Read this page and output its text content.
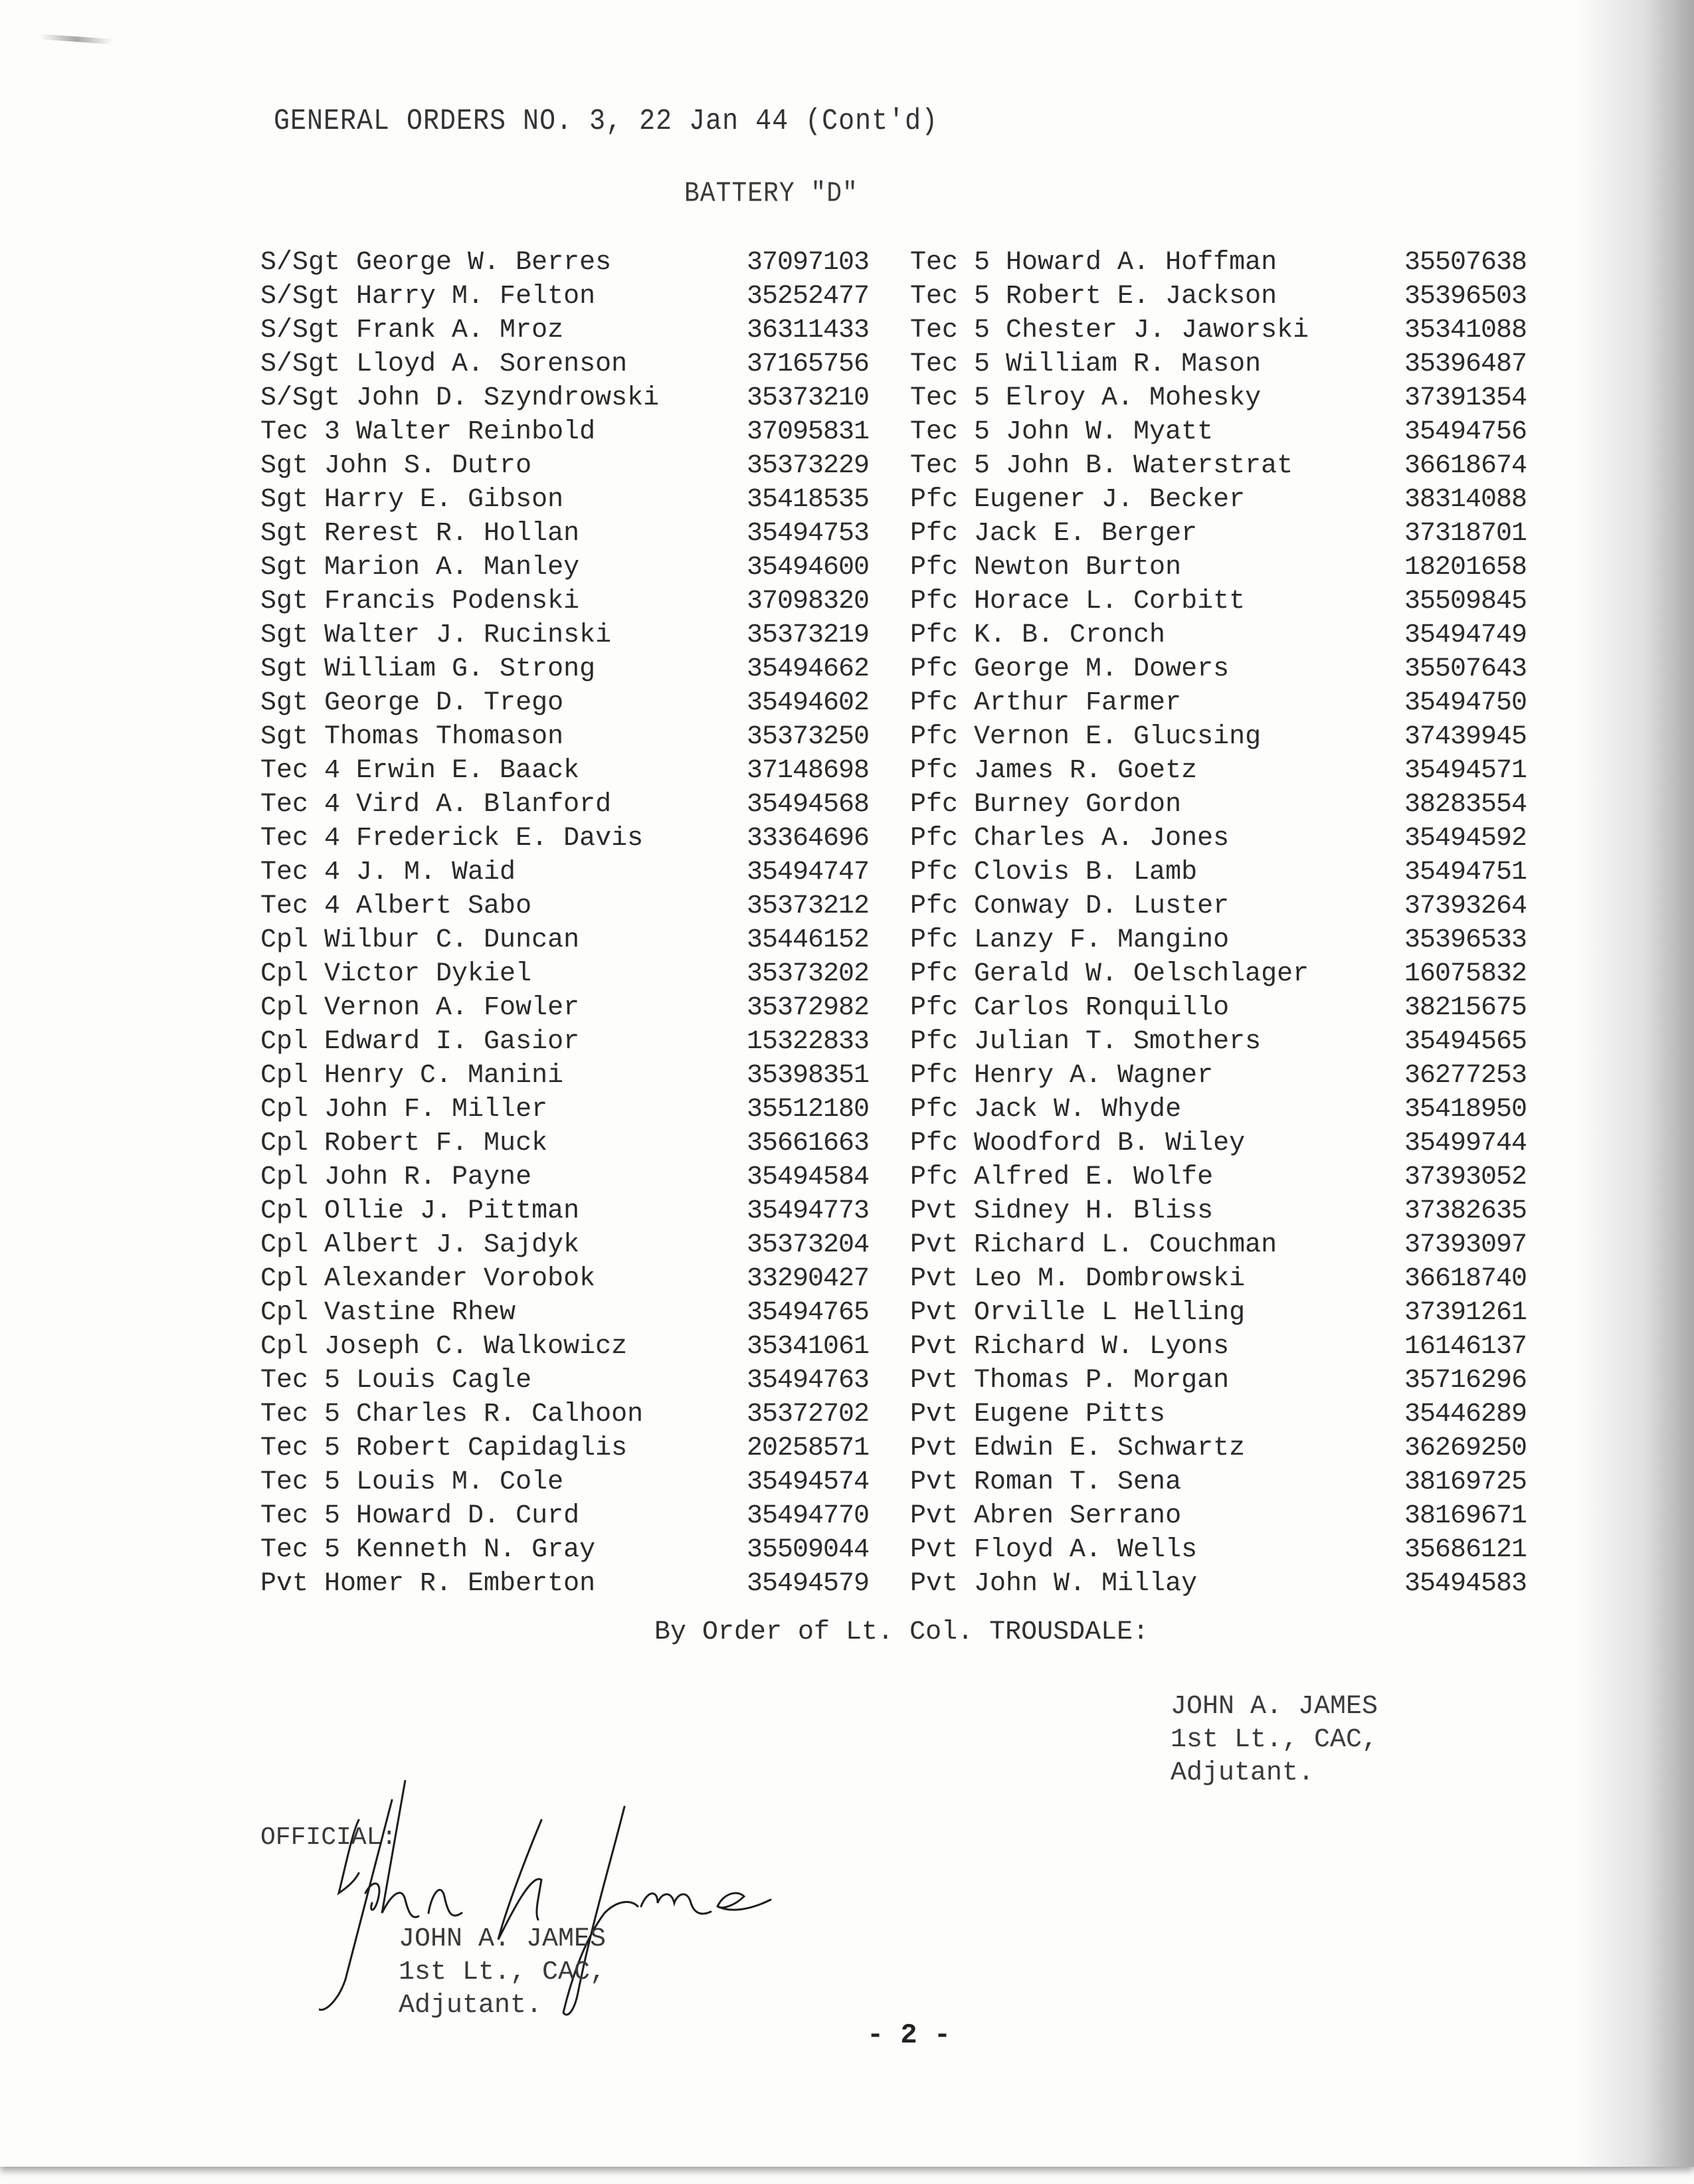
GENERAL ORDERS NO. 3, 22 Jan 44 (Cont'd)
BATTERY "D"
S/Sgt George W. Berres	37097103
S/Sgt Harry M. Felton	35252477
S/Sgt Frank A. Mroz	36311433
S/Sgt Lloyd A. Sorenson	37165756
S/Sgt John D. Szyndrowski	35373210
Tec 3 Walter Reinbold	37095831
Sgt John S. Dutro	35373229
Sgt Harry E. Gibson	35418535
Sgt Rerest R. Hollan	35494753
Sgt Marion A. Manley	35494600
Sgt Francis Podenski	37098320
Sgt Walter J. Rucinski	35373219
Sgt William G. Strong	35494662
Sgt George D. Trego	35494602
Sgt Thomas Thomason	35373250
Tec 4 Erwin E. Baack	37148698
Tec 4 Vird A. Blanford	35494568
Tec 4 Frederick E. Davis	33364696
Tec 4 J. M. Waid	35494747
Tec 4 Albert Sabo	35373212
Cpl Wilbur C. Duncan	35446152
Cpl Victor Dykiel	35373202
Cpl Vernon A. Fowler	35372982
Cpl Edward I. Gasior	15322833
Cpl Henry C. Manini	35398351
Cpl John F. Miller	35512180
Cpl Robert F. Muck	35661663
Cpl John R. Payne	35494584
Cpl Ollie J. Pittman	35494773
Cpl Albert J. Sajdyk	35373204
Cpl Alexander Vorobok	33290427
Cpl Vastine Rhew	35494765
Cpl Joseph C. Walkowicz	35341061
Tec 5 Louis Cagle	35494763
Tec 5 Charles R. Calhoon	35372702
Tec 5 Robert Capidaglis	20258571
Tec 5 Louis M. Cole	35494574
Tec 5 Howard D. Curd	35494770
Tec 5 Kenneth N. Gray	35509044
Pvt Homer R. Emberton	35494579
Tec 5 Howard A. Hoffman	35507638
Tec 5 Robert E. Jackson	35396503
Tec 5 Chester J. Jaworski	35341088
Tec 5 William R. Mason	35396487
Tec 5 Elroy A. Mohesky	37391354
Tec 5 John W. Myatt	35494756
Tec 5 John B. Waterstrat	36618674
Pfc Eugener J. Becker	38314088
Pfc Jack E. Berger	37318701
Pfc Newton Burton	18201658
Pfc Horace L. Corbitt	35509845
Pfc K. B. Cronch	35494749
Pfc George M. Dowers	35507643
Pfc Arthur Farmer	35494750
Pfc Vernon E. Glucsing	37439945
Pfc James R. Goetz	35494571
Pfc Burney Gordon	38283554
Pfc Charles A. Jones	35494592
Pfc Clovis B. Lamb	35494751
Pfc Conway D. Luster	37393264
Pfc Lanzy F. Mangino	35396533
Pfc Gerald W. Oelschlager	16075832
Pfc Carlos Ronquillo	38215675
Pfc Julian T. Smothers	35494565
Pfc Henry A. Wagner	36277253
Pfc Jack W. Whyde	35418950
Pfc Woodford B. Wiley	35499744
Pfc Alfred E. Wolfe	37393052
Pvt Sidney H. Bliss	37382635
Pvt Richard L. Couchman	37393097
Pvt Leo M. Dombrowski	36618740
Pvt Orville L Helling	37391261
Pvt Richard W. Lyons	16146137
Pvt Thomas P. Morgan	35716296
Pvt Eugene Pitts	35446289
Pvt Edwin E. Schwartz	36269250
Pvt Roman T. Sena	38169725
Pvt Abren Serrano	38169671
Pvt Floyd A. Wells	35686121
Pvt John W. Millay	35494583
By Order of Lt. Col. TROUSDALE:
JOHN A. JAMES
1st Lt., CAC,
Adjutant.
OFFICIAL:
JOHN A. JAMES
1st Lt., CAC,
Adjutant.
- 2 -
